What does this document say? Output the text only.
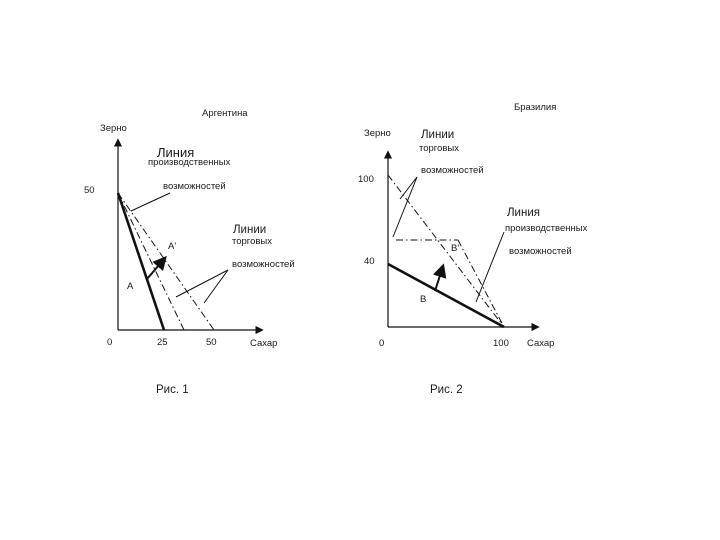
Аргентина
Зерно
Сахар
0	25	50
50
A
A'
Линия
производственных
возможностей
Линии
торговых
возможностей
Рис. 1
Бразилия
Зерно
Сахар
0	100
100
40
B
B'
Линии
торговых
возможностей
Линия
производственных
возможностей
Рис. 2
